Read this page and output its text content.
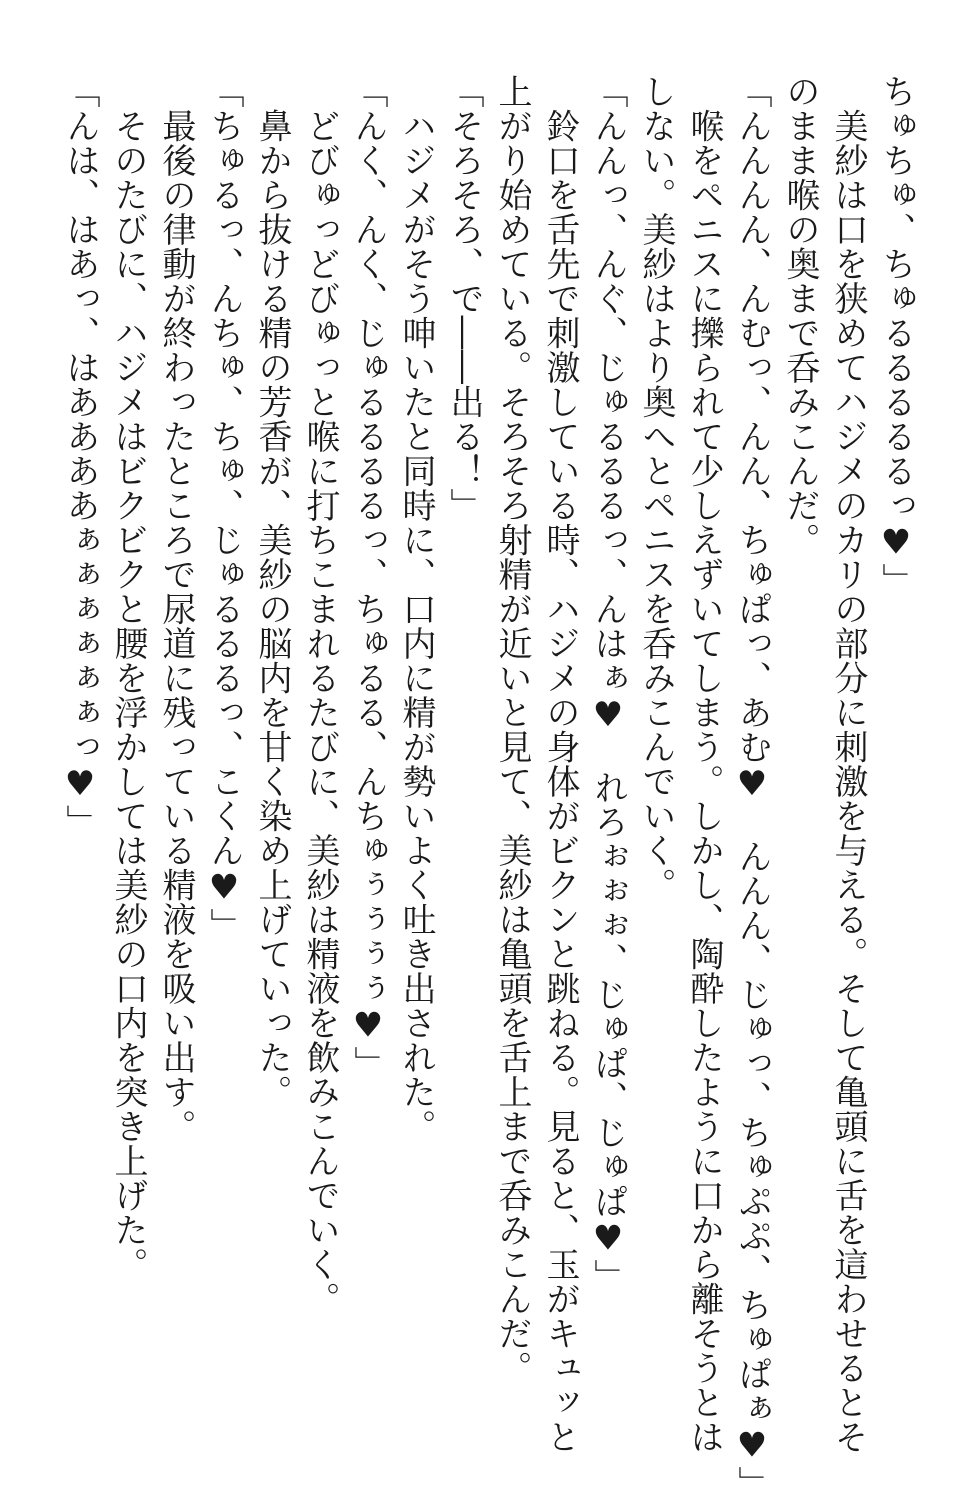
ちゅちゅ、ちゅるるるるるっ♥」
　美紗は口を狭めてハジメのカリの部分に刺激を与える。そして亀頭に舌を這わせるとそ
のまま喉の奥まで呑みこんだ。
「んんんん、んむっ、んん、ちゅぱっ、あむ♥　んんん、じゅっ、ちゅぷぷ、ちゅぱぁ♥」
　喉をペニスに擽られて少しえずいてしまう。しかし、陶酔したように口から離そうとは
しない。美紗はより奥へとペニスを呑みこんでいく。
「んんっ、んぐ、じゅるるるっ、んはぁ♥　れろぉぉぉ、じゅぱ、じゅぱ♥」
　鈴口を舌先で刺激している時、ハジメの身体がビクンと跳ねる。見ると、玉がキュッと
上がり始めている。そろそろ射精が近いと見て、美紗は亀頭を舌上まで呑みこんだ。
「そろそろ、で――出る！」
　ハジメがそう呻いたと同時に、口内に精が勢いよく吐き出された。
「んく、んく、じゅるるるるっ、ちゅるる、んちゅぅぅぅぅ♥」
　どびゅっどびゅっと喉に打ちこまれるたびに、美紗は精液を飲みこんでいく。
　鼻から抜ける精の芳香が、美紗の脳内を甘く染め上げていった。
「ちゅるっ、んちゅ、ちゅ、じゅるるるっ、こくん♥」
　最後の律動が終わったところで尿道に残っている精液を吸い出す。
　そのたびに、ハジメはビクビクと腰を浮かしては美紗の口内を突き上げた。
「んは、はあっ、はああああぁぁぁぁぁぁっ♥」
